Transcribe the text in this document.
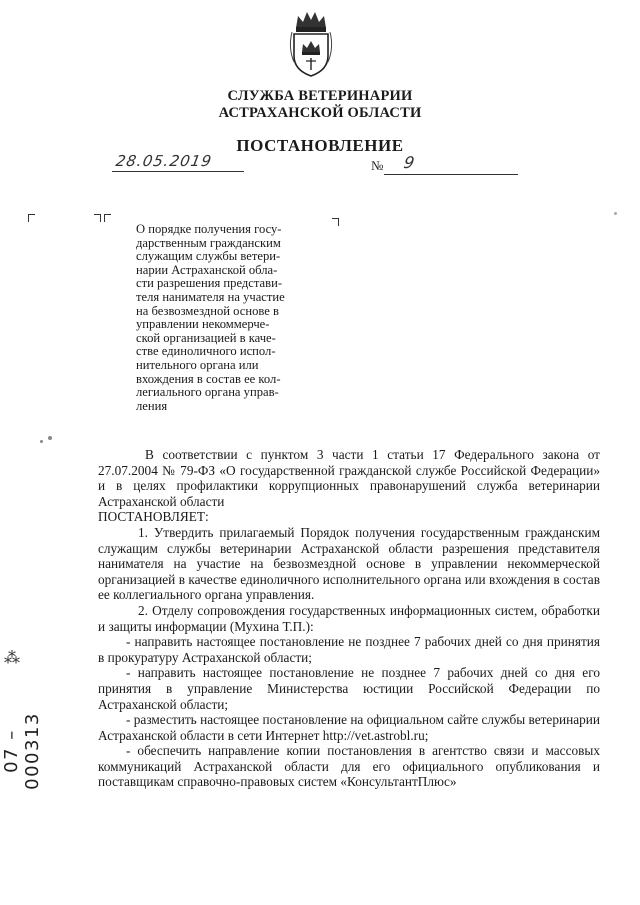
СЛУЖБА ВЕТЕРИНАРИИ
АСТРАХАНСКОЙ ОБЛАСТИ
ПОСТАНОВЛЕНИЕ
28.05.2019	№ 9
О порядке получения госу-
дарственным гражданским
служащим службы ветери-
нарии Астраханской обла-
сти разрешения представи-
теля нанимателя на участие
на безвозмездной основе в
управлении некоммерче-
ской организацией в каче-
стве единоличного испол-
нительного органа или
вхождения в состав ее кол-
легиального органа управ-
ления

В соответствии с пунктом 3 части 1 статьи 17 Федерального закона от 27.07.2004 № 79-ФЗ «О государственной гражданской службе Российской Федерации» и в целях профилактики коррупционных правонарушений служба ветеринарии Астраханской области

ПОСТАНОВЛЯЕТ:

1. Утвердить прилагаемый Порядок получения государственным гражданским служащим службы ветеринарии Астраханской области разрешения представителя нанимателя на участие на безвозмездной основе в управлении некоммерческой организацией в качестве единоличного исполнительного органа или вхождения в состав ее коллегиального органа управления.

2. Отделу сопровождения государственных информационных систем, обработки и защиты информации (Мухина Т.П.):

- направить настоящее постановление не позднее 7 рабочих дней со дня принятия в прокуратуру Астраханской области;

- направить настоящее постановление не позднее 7 рабочих дней со дня его принятия в управление Министерства юстиции Российской Федерации по Астраханской области;

- разместить настоящее постановление на официальном сайте службы ветеринарии Астраханской области в сети Интернет http://vet.astrobl.ru;

- обеспечить направление копии постановления в агентство связи и массовых коммуникаций Астраханской области для его официального опубликования и поставщикам справочно-правовых систем «КонсультантПлюс»

⁂
07 – 000313
